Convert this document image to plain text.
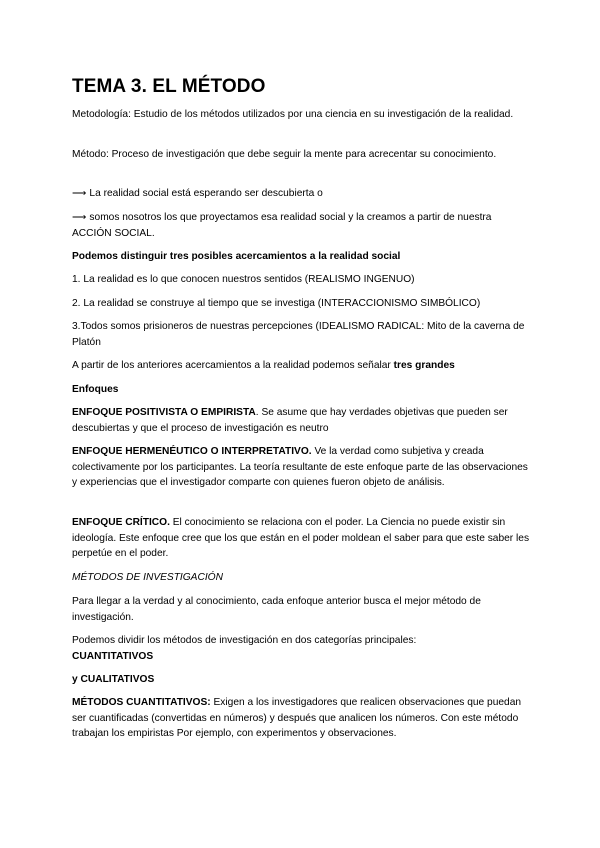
TEMA 3. EL MÉTODO

Metodología: Estudio de los métodos utilizados por una ciencia en su investigación de la realidad.

Método: Proceso de investigación que debe seguir la mente para acrecentar su conocimiento.

⟶ La realidad social está esperando ser descubierta o

⟶ somos nosotros los que proyectamos esa realidad social y la creamos a partir de nuestra ACCIÓN SOCIAL.

Podemos distinguir tres posibles acercamientos a la realidad social

1. La realidad es lo que conocen nuestros sentidos (REALISMO INGENUO)

2. La realidad se construye al tiempo que se investiga (INTERACCIONISMO SIMBÓLICO)

3.Todos somos prisioneros de nuestras percepciones (IDEALISMO RADICAL: Mito de la caverna de Platón

A partir de los anteriores acercamientos a la realidad podemos señalar tres grandes

Enfoques

ENFOQUE POSITIVISTA O EMPIRISTA. Se asume que hay verdades objetivas que pueden ser descubiertas y que el proceso de investigación es neutro

ENFOQUE HERMENÉUTICO O INTERPRETATIVO. Ve la verdad como subjetiva y creada colectivamente por los participantes. La teoría resultante de este enfoque parte de las observaciones y experiencias que el investigador comparte con quienes fueron objeto de análisis.

ENFOQUE CRÍTICO. El conocimiento se relaciona con el poder. La Ciencia no puede existir sin ideología. Este enfoque cree que los que están en el poder moldean el saber para que este saber les perpetúe en el poder.

MÉTODOS DE INVESTIGACIÓN

Para llegar a la verdad y al conocimiento, cada enfoque anterior busca el mejor método de investigación.

Podemos dividir los métodos de investigación en dos categorías principales:
CUANTITATIVOS

y CUALITATIVOS

MÉTODOS CUANTITATIVOS: Exigen a los investigadores que realicen observaciones que puedan ser cuantificadas (convertidas en números) y después que analicen los números. Con este método trabajan los empiristas Por ejemplo, con experimentos y observaciones.
